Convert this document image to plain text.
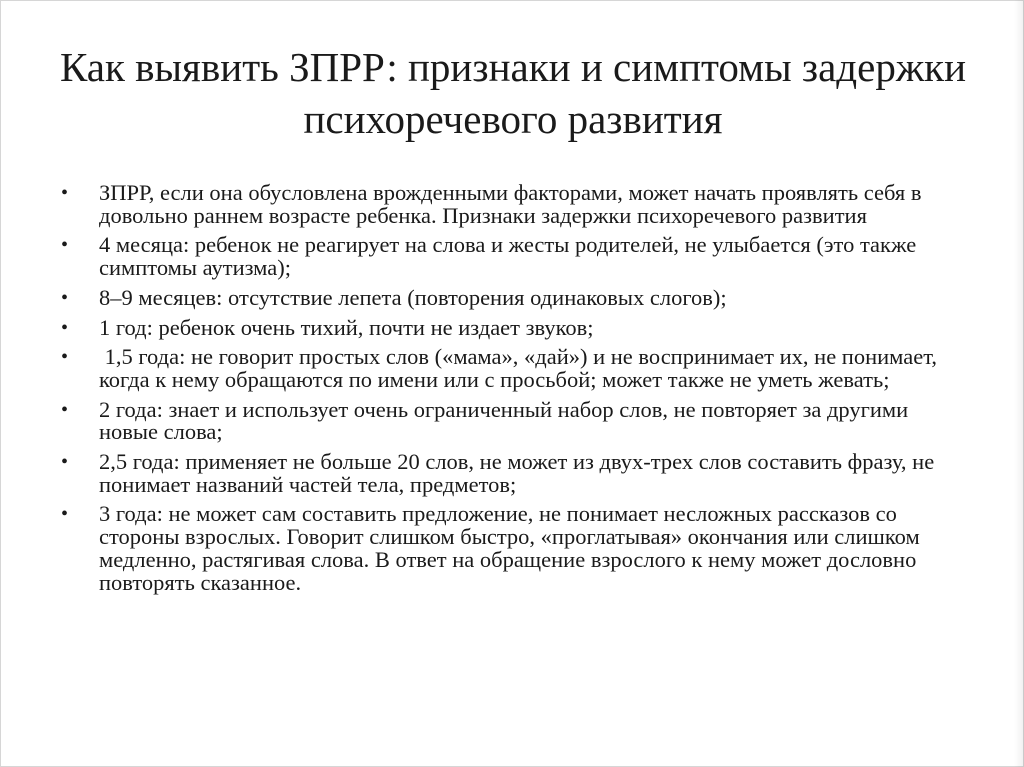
Как выявить ЗПРР: признаки и симптомы задержки психоречевого развития
•	ЗПРР, если она обусловлена врожденными факторами, может начать проявлять себя в довольно раннем возрасте ребенка. Признаки задержки психоречевого развития
•	4 месяца: ребенок не реагирует на слова и жесты родителей, не улыбается (это также симптомы аутизма);
•	8–9 месяцев: отсутствие лепета (повторения одинаковых слогов);
•	1 год: ребенок очень тихий, почти не издает звуков;
•	1,5 года: не говорит простых слов («мама», «дай») и не воспринимает их, не понимает, когда к нему обращаются по имени или с просьбой; может также не уметь жевать;
•	2 года: знает и использует очень ограниченный набор слов, не повторяет за другими новые слова;
•	2,5 года: применяет не больше 20 слов, не может из двух-трех слов составить фразу, не понимает названий частей тела, предметов;
•	3 года: не может сам составить предложение, не понимает несложных рассказов со стороны взрослых. Говорит слишком быстро, «проглатывая» окончания или слишком медленно, растягивая слова. В ответ на обращение взрослого к нему может дословно повторять сказанное.
